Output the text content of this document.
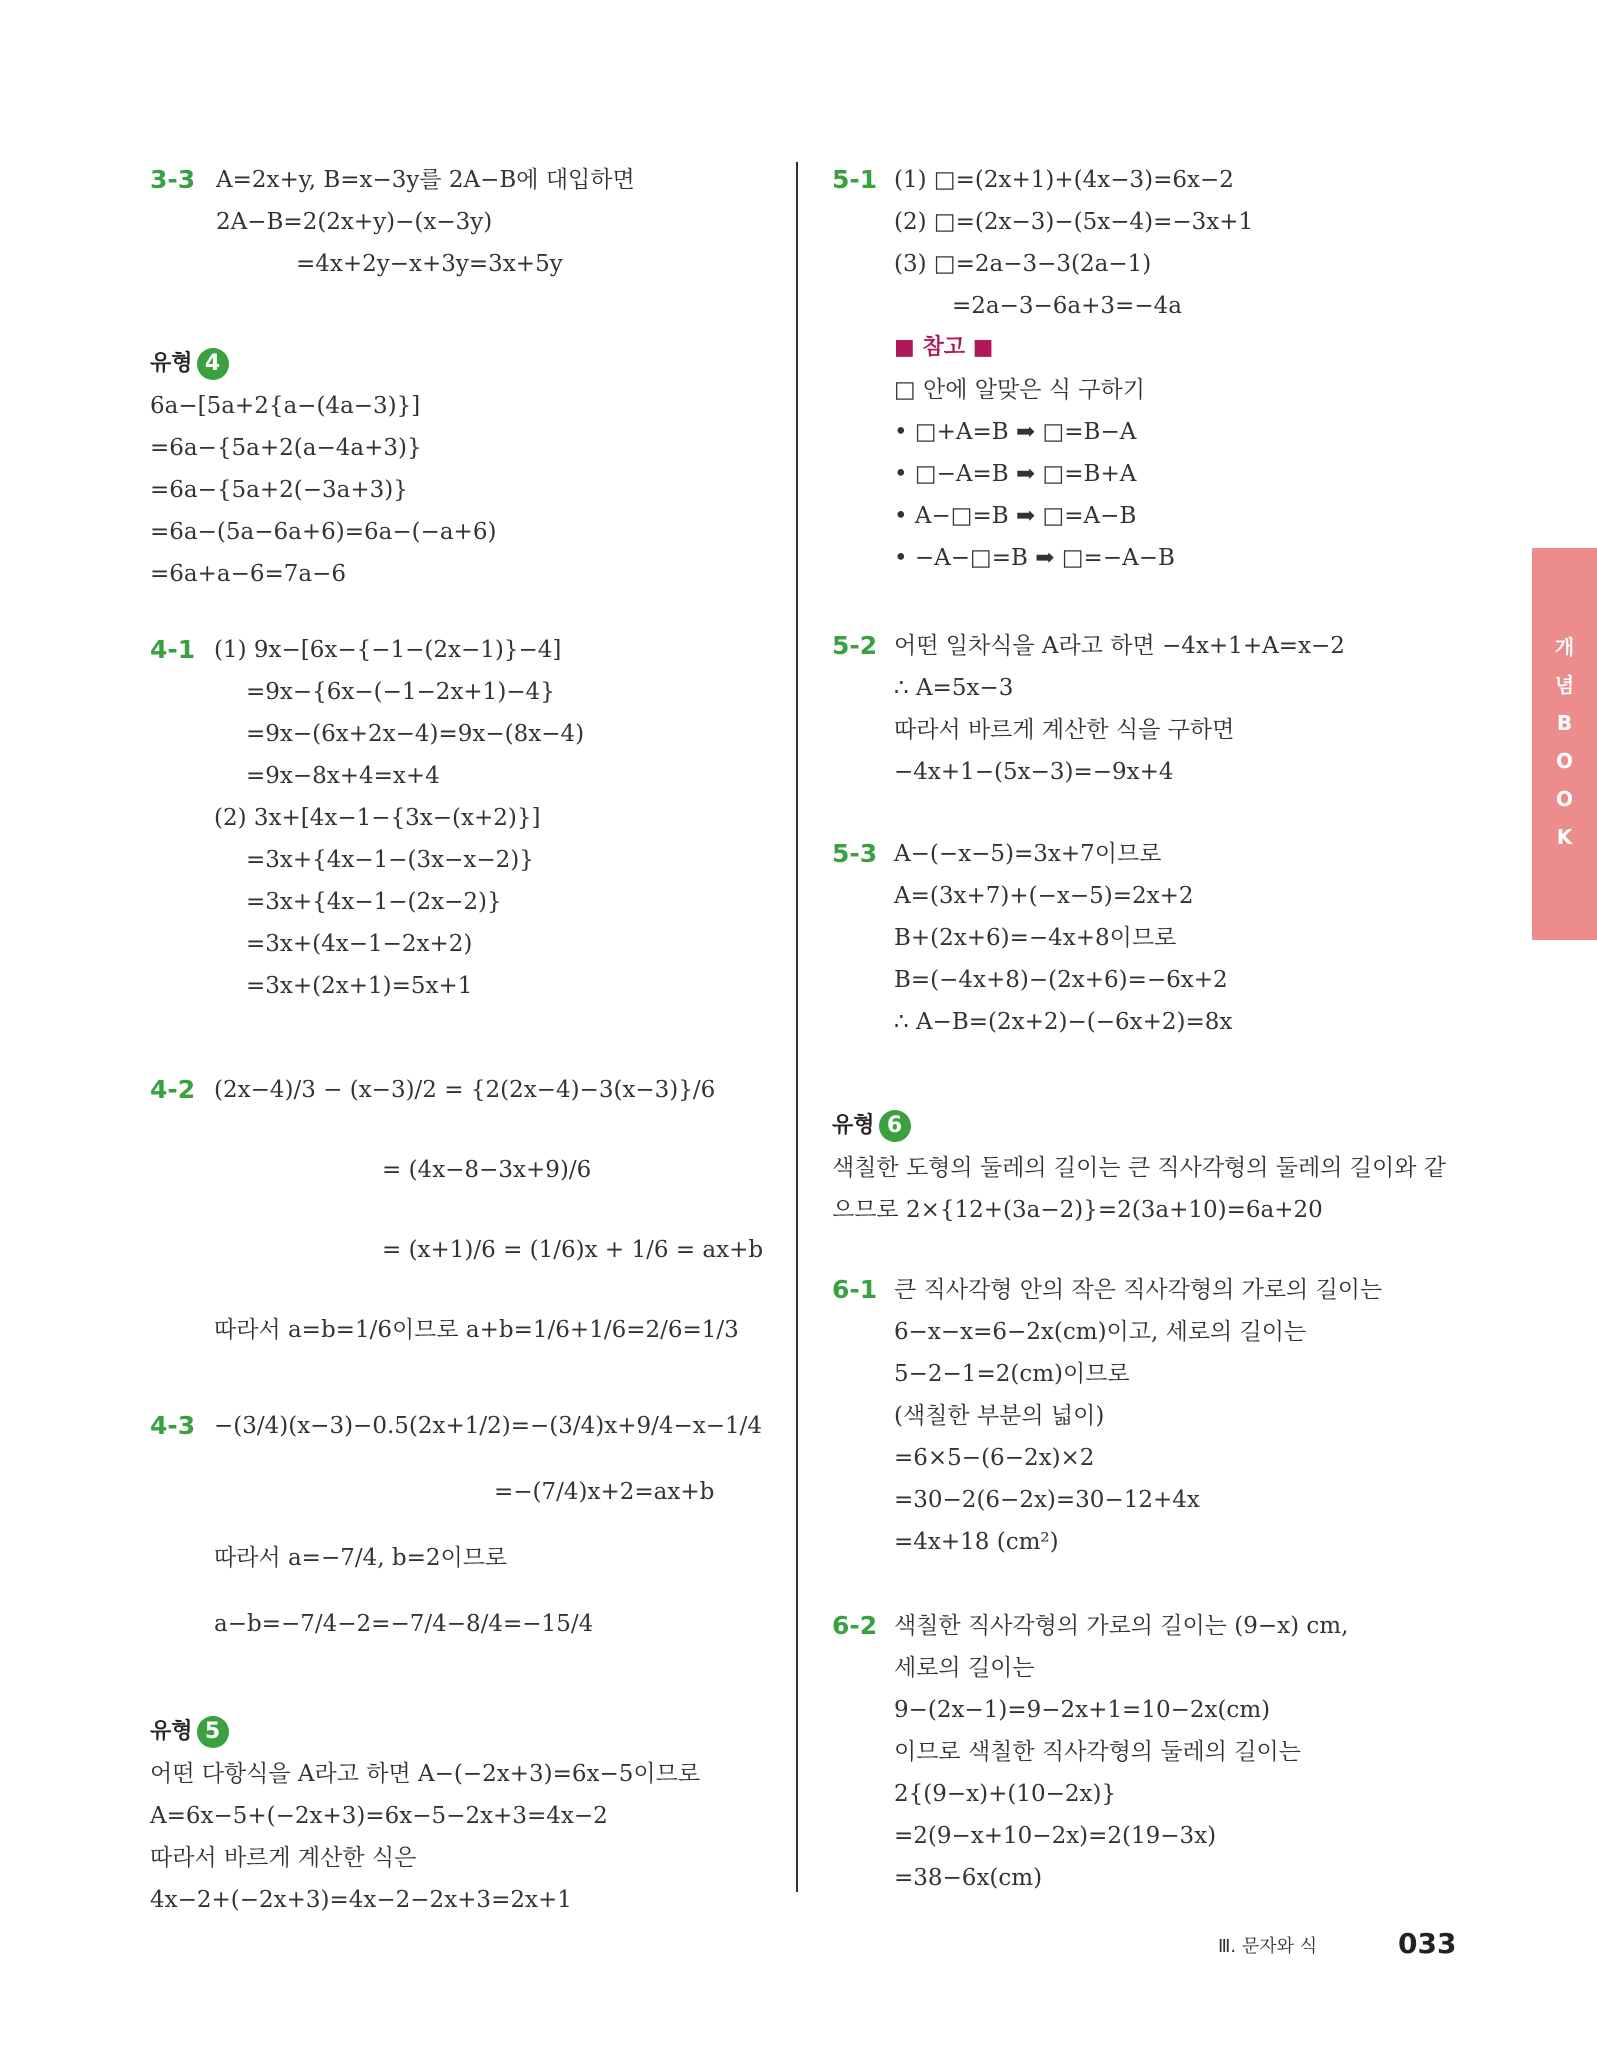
3-3 A=2x+y, B=x−3y를 2A−B에 대입하면
2A−B=2(2x+y)−(x−3y)
=4x+2y−x+3y=3x+5y
유형 4
6a−[5a+2{a−(4a−3)}]
=6a−{5a+2(a−4a+3)}
=6a−{5a+2(−3a+3)}
=6a−(5a−6a+6)=6a−(−a+6)
=6a+a−6=7a−6
4-1 (1) 9x−[6x−{−1−(2x−1)}−4]
=9x−{6x−(−1−2x+1)−4}
=9x−(6x+2x−4)=9x−(8x−4)
=9x−8x+4=x+4
(2) 3x+[4x−1−{3x−(x+2)}]
=3x+{4x−1−(3x−x−2)}
=3x+{4x−1−(2x−2)}
=3x+(4x−1−2x+2)
=3x+(2x+1)=5x+1
4-2 (2x−4)/3 − (x−3)/2 = {2(2x−4)−3(x−3)}/6
= (4x−8−3x+9)/6
= (x+1)/6 = (1/6)x + 1/6 = ax+b
따라서 a=b=1/6이므로 a+b=1/6+1/6=2/6=1/3
4-3 −(3/4)(x−3)−0.5(2x+1/2)=−(3/4)x+9/4−x−1/4
=−(7/4)x+2=ax+b
따라서 a=−7/4, b=2이므로
a−b=−7/4−2=−7/4−8/4=−15/4
유형 5
어떤 다항식을 A라고 하면 A−(−2x+3)=6x−5이므로
A=6x−5+(−2x+3)=6x−5−2x+3=4x−2
따라서 바르게 계산한 식은
4x−2+(−2x+3)=4x−2−2x+3=2x+1
5-1 (1) □=(2x+1)+(4x−3)=6x−2
(2) □=(2x−3)−(5x−4)=−3x+1
(3) □=2a−3−3(2a−1)
=2a−3−6a+3=−4a
■ 참고 ■
□ 안에 알맞은 식 구하기
• □+A=B ➡ □=B−A
• □−A=B ➡ □=B+A
• A−□=B ➡ □=A−B
• −A−□=B ➡ □=−A−B
5-2 어떤 일차식을 A라고 하면 −4x+1+A=x−2
∴ A=5x−3
따라서 바르게 계산한 식을 구하면
−4x+1−(5x−3)=−9x+4
5-3 A−(−x−5)=3x+7이므로
A=(3x+7)+(−x−5)=2x+2
B+(2x+6)=−4x+8이므로
B=(−4x+8)−(2x+6)=−6x+2
∴ A−B=(2x+2)−(−6x+2)=8x
유형 6
색칠한 도형의 둘레의 길이는 큰 직사각형의 둘레의 길이와 같
으므로 2×{12+(3a−2)}=2(3a+10)=6a+20
6-1 큰 직사각형 안의 작은 직사각형의 가로의 길이는
6−x−x=6−2x(cm)이고, 세로의 길이는
5−2−1=2(cm)이므로
(색칠한 부분의 넓이)
=6×5−(6−2x)×2
=30−2(6−2x)=30−12+4x
=4x+18 (cm²)
6-2 색칠한 직사각형의 가로의 길이는 (9−x) cm,
세로의 길이는
9−(2x−1)=9−2x+1=10−2x(cm)
이므로 색칠한 직사각형의 둘레의 길이는
2{(9−x)+(10−2x)}
=2(9−x+10−2x)=2(19−3x)
=38−6x(cm)
개
념
B
O
O
K
Ⅲ. 문자와 식	033
